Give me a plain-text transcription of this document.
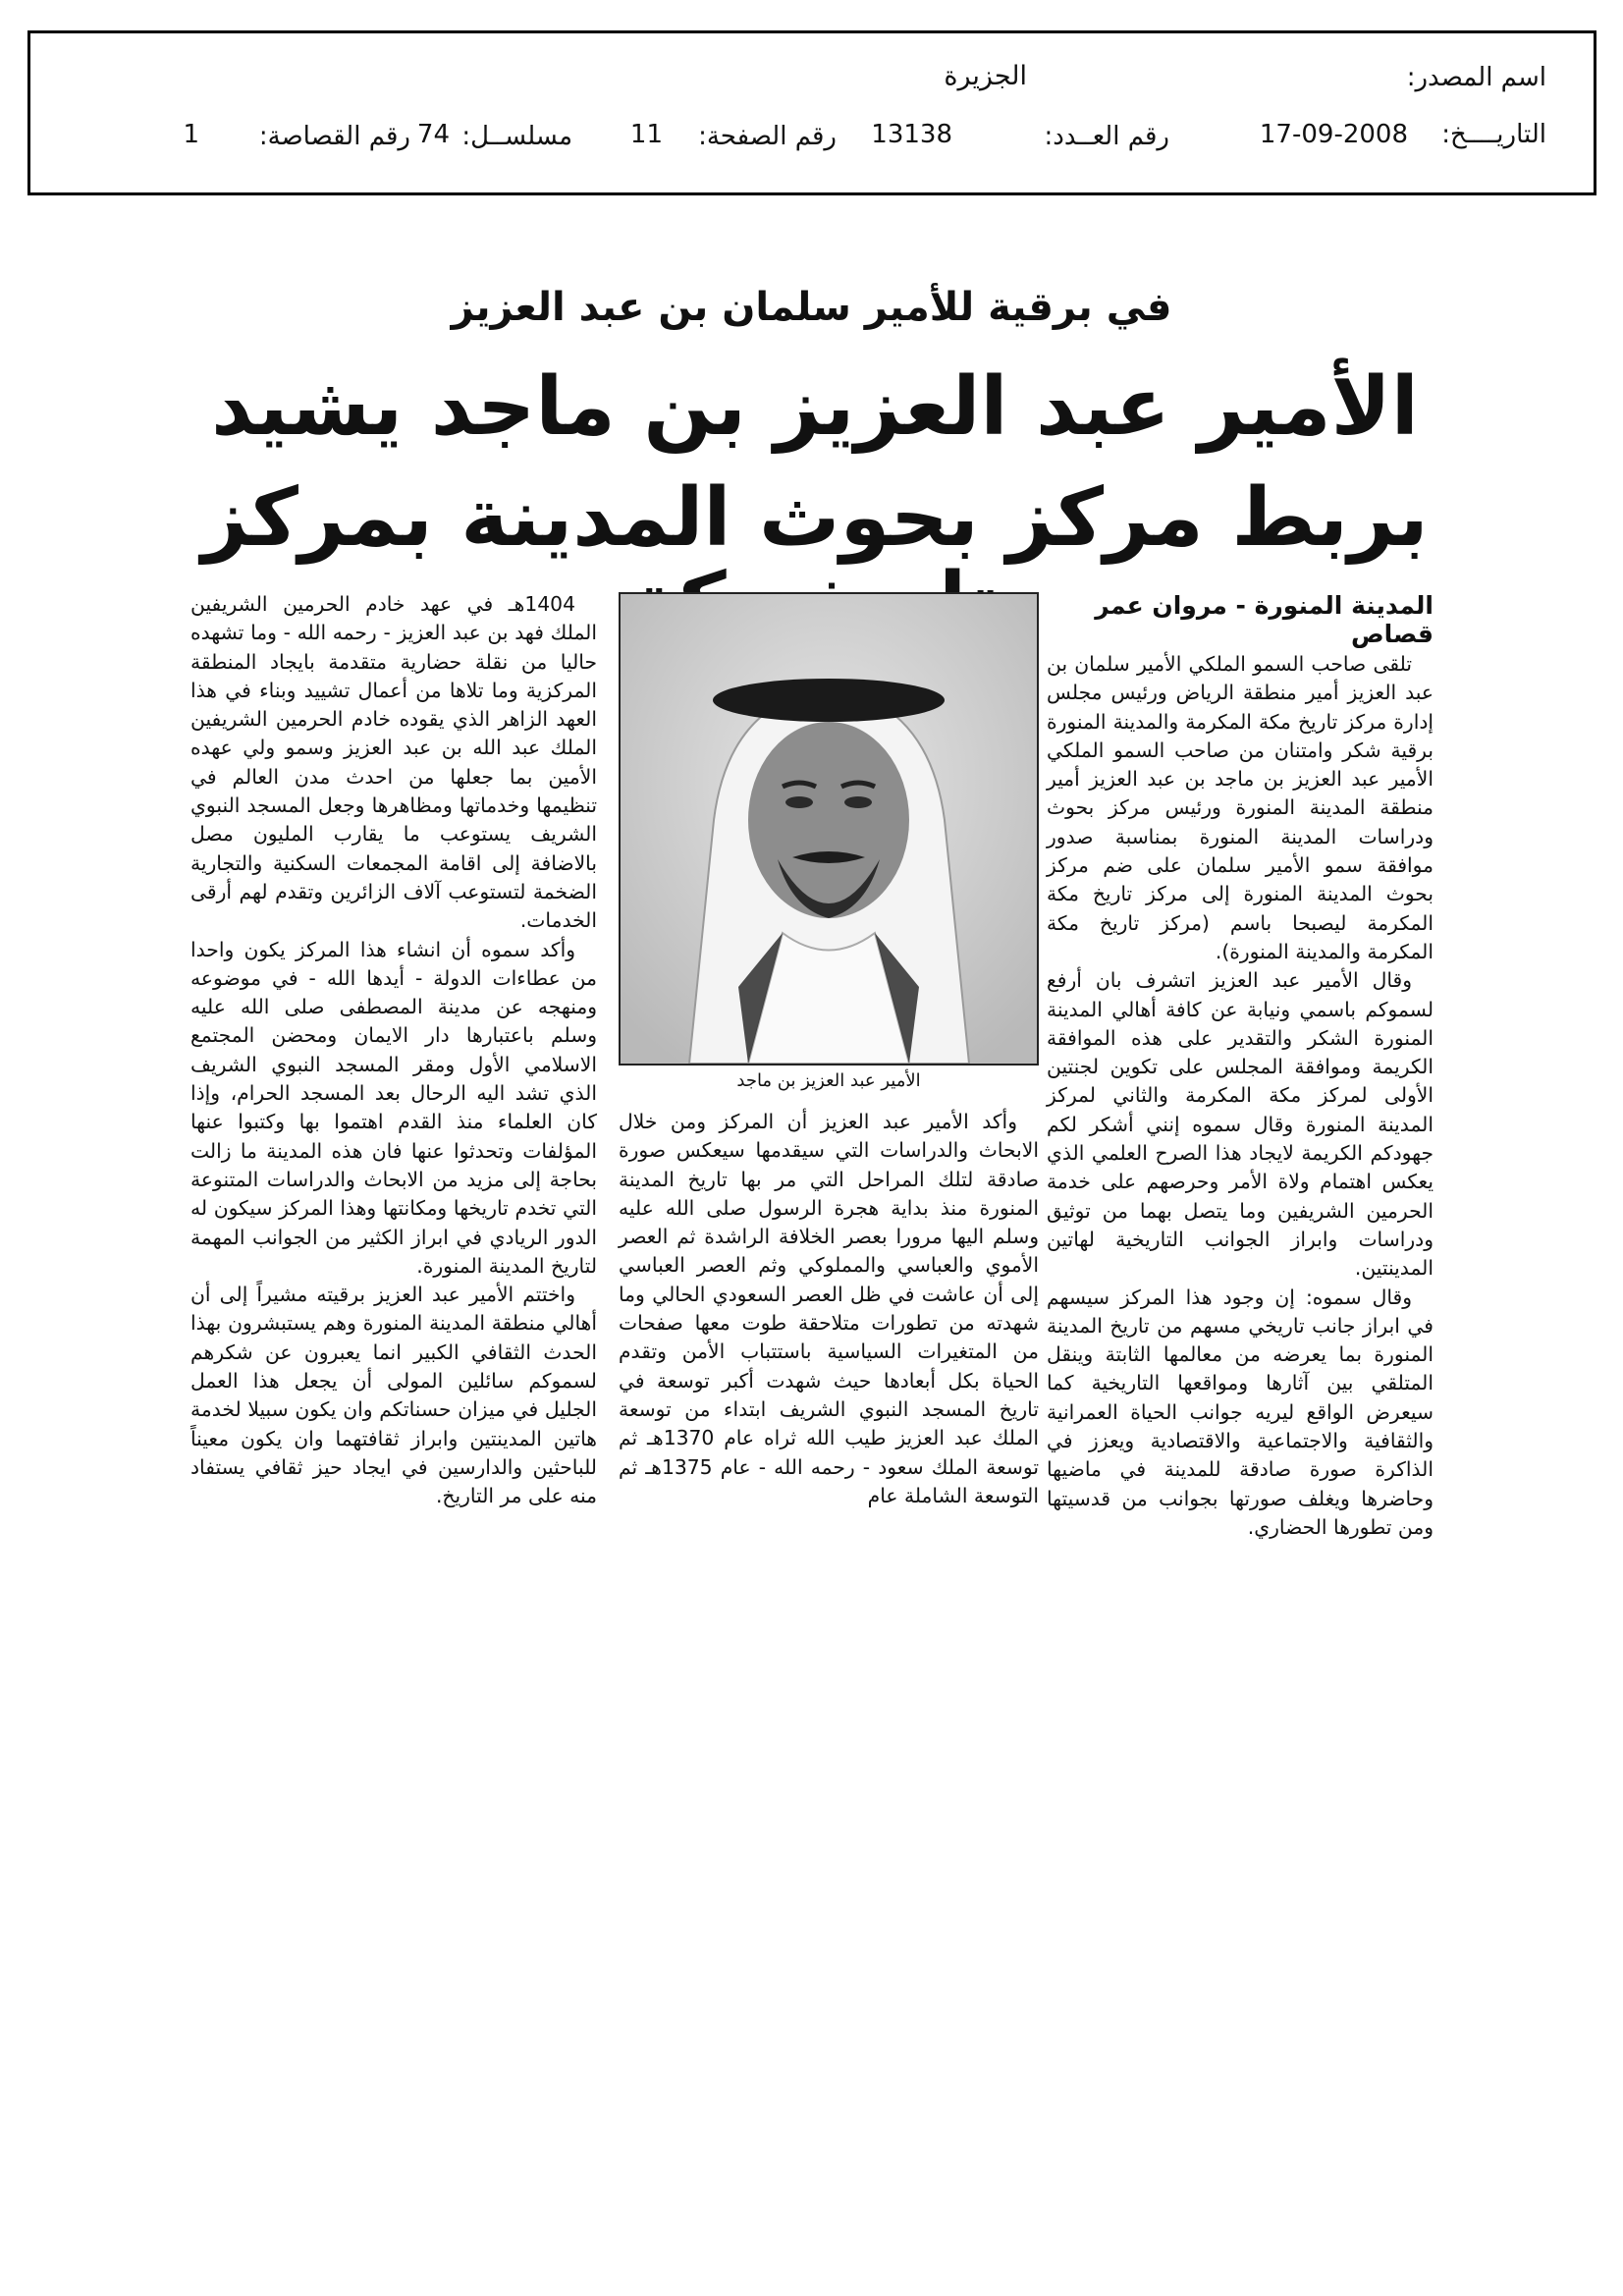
اسم المصدر:
الجزيرة
التاريــــخ:
17-09-2008
رقم العــدد:
13138
رقم الصفحة:
11
مسلســل:
74
رقم القصاصة:
1
في برقية للأمير سلمان بن عبد العزيز
الأمير عبد العزيز بن ماجد يشيد
بربط مركز بحوث المدينة بمركز
المدينة المنورة - مروان عمر قصاص

تلقى صاحب السمو الملكي الأمير سلمان بن عبد العزيز أمير منطقة الرياض ورئيس مجلس إدارة مركز تاريخ مكة المكرمة والمدينة المنورة برقية شكر وامتنان من صاحب السمو الملكي الأمير عبد العزيز بن ماجد بن عبد العزيز أمير منطقة المدينة المنورة ورئيس مركز بحوث ودراسات المدينة المنورة بمناسبة صدور موافقة سمو الأمير سلمان على ضم مركز بحوث المدينة المنورة إلى مركز تاريخ مكة المكرمة ليصبحا باسم (مركز تاريخ مكة المكرمة والمدينة المنورة).

وقال الأمير عبد العزيز اتشرف بان أرفع لسموكم باسمي ونيابة عن كافة أهالي المدينة المنورة الشكر والتقدير على هذه الموافقة الكريمة وموافقة المجلس على تكوين لجنتين الأولى لمركز مكة المكرمة والثاني لمركز المدينة المنورة وقال سموه إنني أشكر لكم جهودكم الكريمة لايجاد هذا الصرح العلمي الذي يعكس اهتمام ولاة الأمر وحرصهم على خدمة الحرمين الشريفين وما يتصل بهما من توثيق ودراسات وابراز الجوانب التاريخية لهاتين المدينتين.

وقال سموه: إن وجود هذا المركز سيسهم في ابراز جانب تاريخي مسهم من تاريخ المدينة المنورة بما يعرضه من معالمها الثابتة وينقل المتلقي بين آثارها ومواقعها التاريخية كما سيعرض الواقع ليريه جوانب الحياة العمرانية والثقافية والاجتماعية والاقتصادية ويعزز في الذاكرة صورة صادقة للمدينة في ماضيها وحاضرها ويغلف صورتها بجوانب من قدسيتها ومن تطورها الحضاري.

الأمير عبد العزيز بن ماجد

وأكد الأمير عبد العزيز أن المركز ومن خلال الابحاث والدراسات التي سيقدمها سيعكس صورة صادقة لتلك المراحل التي مر بها تاريخ المدينة المنورة منذ بداية هجرة الرسول صلى الله عليه وسلم اليها مرورا بعصر الخلافة الراشدة ثم العصر الأموي والعباسي والمملوكي وثم العصر العباسي إلى أن عاشت في ظل العصر السعودي الحالي وما شهدته من تطورات متلاحقة طوت معها صفحات من المتغيرات السياسية باستتباب الأمن وتقدم الحياة بكل أبعادها حيث شهدت أكبر توسعة في تاريخ المسجد النبوي الشريف ابتداء من توسعة الملك عبد العزيز طيب الله ثراه عام 1370هـ ثم توسعة الملك سعود - رحمه الله - عام 1375هـ ثم التوسعة الشاملة عام

1404هـ في عهد خادم الحرمين الشريفين الملك فهد بن عبد العزيز - رحمه الله - وما تشهده حاليا من نقلة حضارية متقدمة بايجاد المنطقة المركزية وما تلاها من أعمال تشييد وبناء في هذا العهد الزاهر الذي يقوده خادم الحرمين الشريفين الملك عبد الله بن عبد العزيز وسمو ولي عهده الأمين بما جعلها من احدث مدن العالم في تنظيمها وخدماتها ومظاهرها وجعل المسجد النبوي الشريف يستوعب ما يقارب المليون مصل بالاضافة إلى اقامة المجمعات السكنية والتجارية الضخمة لتستوعب آلاف الزائرين وتقدم لهم أرقى الخدمات.

وأكد سموه أن انشاء هذا المركز يكون واحدا من عطاءات الدولة - أيدها الله - في موضوعه ومنهجه عن مدينة المصطفى صلى الله عليه وسلم باعتبارها دار الايمان ومحضن المجتمع الاسلامي الأول ومقر المسجد النبوي الشريف الذي تشد اليه الرحال بعد المسجد الحرام، وإذا كان العلماء منذ القدم اهتموا بها وكتبوا عنها المؤلفات وتحدثوا عنها فان هذه المدينة ما زالت بحاجة إلى مزيد من الابحاث والدراسات المتنوعة التي تخدم تاريخها ومكانتها وهذا المركز سيكون له الدور الريادي في ابراز الكثير من الجوانب المهمة لتاريخ المدينة المنورة.

واختتم الأمير عبد العزيز برقيته مشيراً إلى أن أهالي منطقة المدينة المنورة وهم يستبشرون بهذا الحدث الثقافي الكبير انما يعبرون عن شكرهم لسموكم سائلين المولى أن يجعل هذا العمل الجليل في ميزان حسناتكم وان يكون سبيلا لخدمة هاتين المدينتين وابراز ثقافتهما وان يكون معيناً للباحثين والدارسين في ايجاد حيز ثقافي يستفاد منه على مر التاريخ.
